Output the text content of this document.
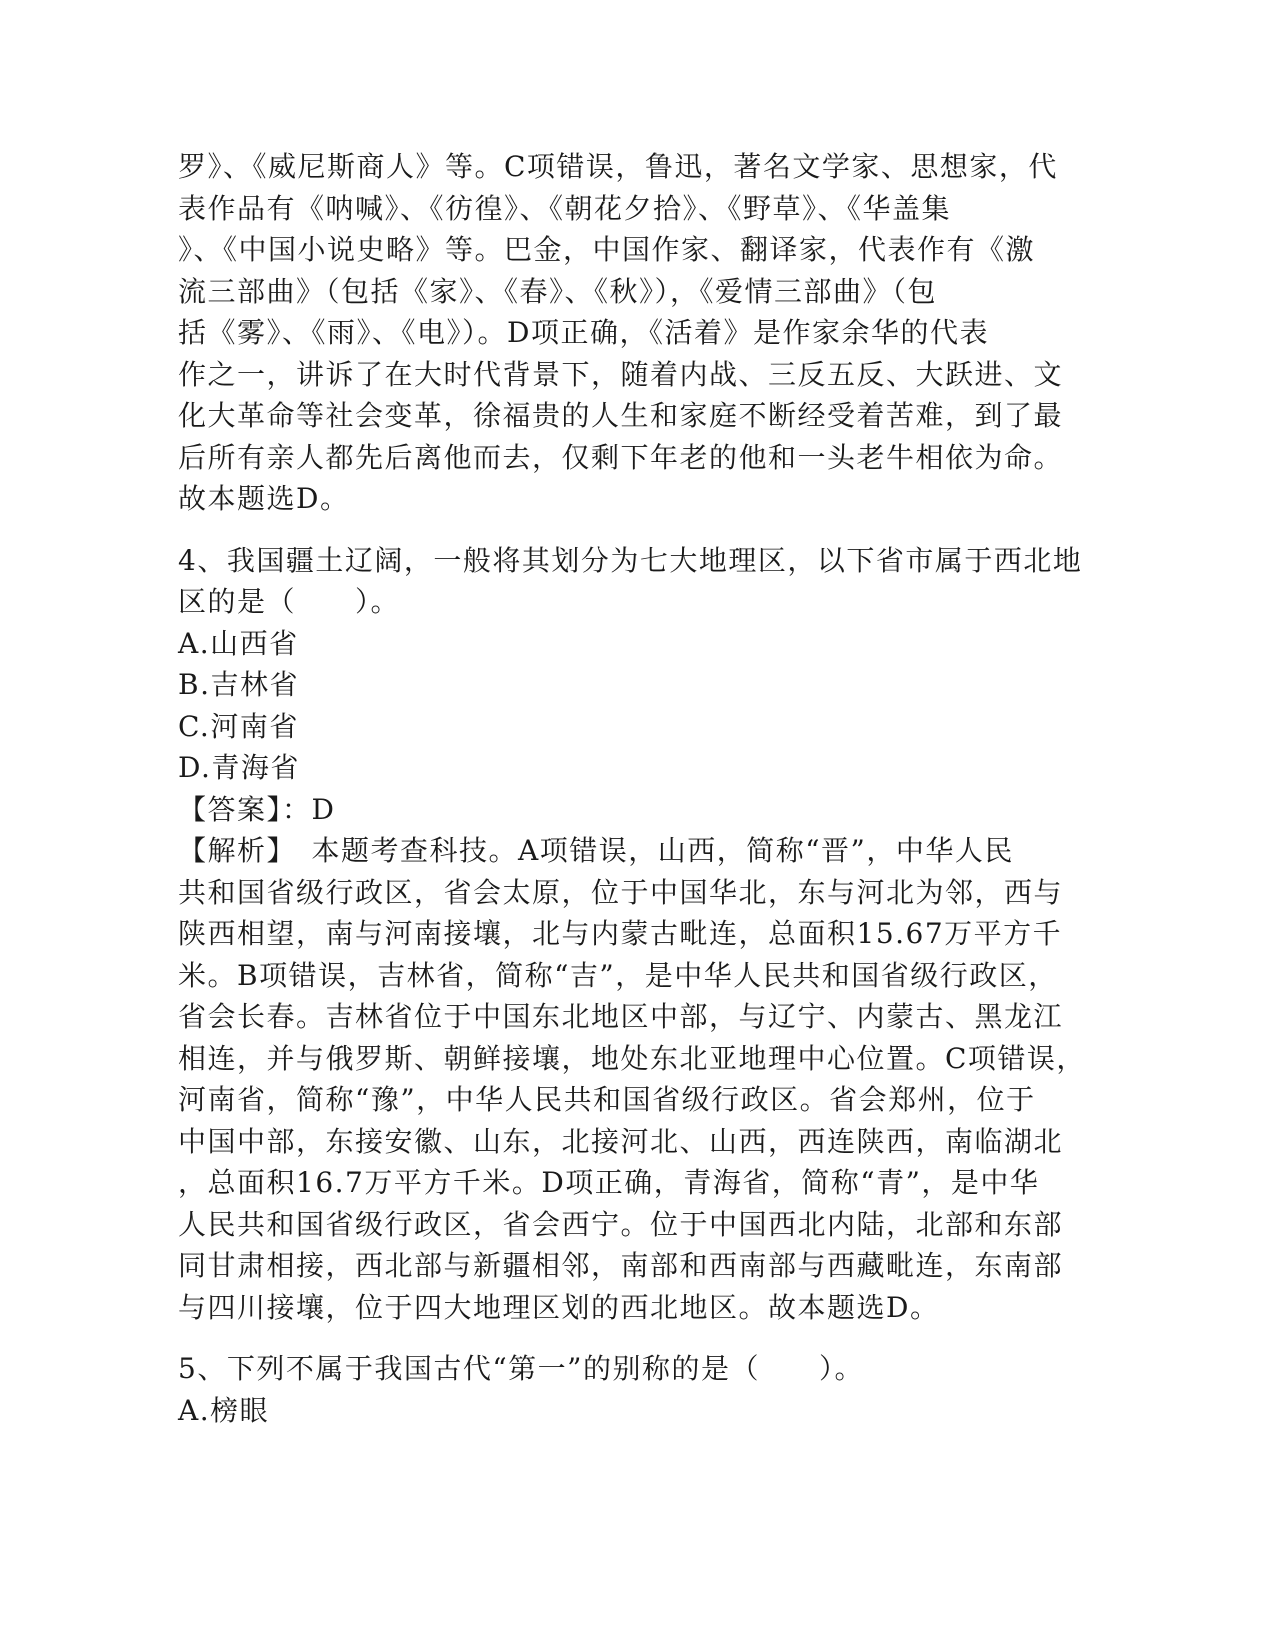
罗》、《威尼斯商人》等。C项错误，鲁迅，著名文学家、思想家，代
表作品有《呐喊》、《彷徨》、《朝花夕拾》、《野草》、《华盖集
》、《中国小说史略》等。巴金，中国作家、翻译家，代表作有《激
流三部曲》（包括《家》、《春》、《秋》），《爱情三部曲》（包
括《雾》、《雨》、《电》）。D项正确，《活着》是作家余华的代表
作之一，讲诉了在大时代背景下，随着内战、三反五反、大跃进、文
化大革命等社会变革，徐福贵的人生和家庭不断经受着苦难，到了最
后所有亲人都先后离他而去，仅剩下年老的他和一头老牛相依为命。
故本题选D。
4、我国疆土辽阔，一般将其划分为七大地理区，以下省市属于西北地
区的是（　　）。
A.山西省
B.吉林省
C.河南省
D.青海省
【答案】：D
【解析】　本题考查科技。A项错误，山西，简称“晋”，中华人民
共和国省级行政区，省会太原，位于中国华北，东与河北为邻，西与
陕西相望，南与河南接壤，北与内蒙古毗连，总面积15.67万平方千
米。B项错误，吉林省，简称“吉”，是中华人民共和国省级行政区，
省会长春。吉林省位于中国东北地区中部，与辽宁、内蒙古、黑龙江
相连，并与俄罗斯、朝鲜接壤，地处东北亚地理中心位置。C项错误，
河南省，简称“豫”，中华人民共和国省级行政区。省会郑州，位于
中国中部，东接安徽、山东，北接河北、山西，西连陕西，南临湖北
，总面积16.7万平方千米。D项正确，青海省，简称“青”，是中华
人民共和国省级行政区，省会西宁。位于中国西北内陆，北部和东部
同甘肃相接，西北部与新疆相邻，南部和西南部与西藏毗连，东南部
与四川接壤，位于四大地理区划的西北地区。故本题选D。
5、下列不属于我国古代“第一”的别称的是（　　）。
A.榜眼
